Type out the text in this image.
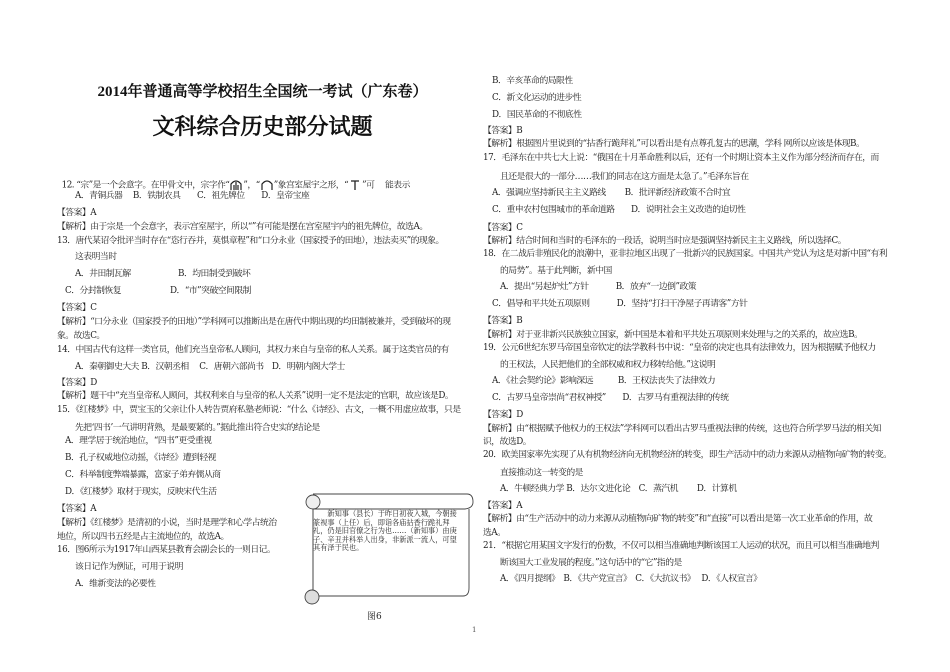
2014年普通高等学校招生全国统一考试（广东卷）
文科综合历史部分试题

12. “宗”是一个会意字。在甲骨文中，宗字作“ ”，“ ”象宫室屋宇之形，“ ”可　 能表示

A．青铜兵器　 B．铁制农具　　C．祖先牌位　　D．皇帝宝座
【答案】A
【解析】由于宗是一个会意字，表示宫室屋宇，所以“”有可能是摆在宫室屋宇内的祖先牌位，故选A。
13．唐代某诏令批评当时存在“恣行吞并，莫惧章程”和“口分永业（国家授予的田地），违法卖买”的现象。
这表明当时
A．井田制瓦解	B．均田制受到破坏
C．分封制恢复	D．“市”突破空间限制
【答案】C
【解析】“口分永业（国家授予的田地）”学科网可以推断出是在唐代中期出现的均田制被兼并，受到破坏的现
象。故选C。
14．中国古代有这样一类官员，他们充当皇帝私人顾问，其权力来自与皇帝的私人关系。属于这类官员的有
A．秦朝御史大夫 B．汉朝丞相　 C．唐朝六部尚书　D．明朝内阁大学士
【答案】D
【解析】题干中“充当皇帝私人顾问，其权利来自与皇帝的私人关系”说明一定不是法定的官职，故应该是D。
15．《红楼梦》中，贾宝玉的父亲让仆人转告贾府私塾老师说：“什么《诗经》、古文，一概不用虚应故事，只是
先把‘四书’一气讲明背熟，是最要紧的。”据此推出符合史实的结论是
A．理学居于统治地位，“四书”更受重视
B．孔子权威地位动摇，《诗经》遭到轻视
C．科举制度弊端暴露，富家子弟弃儒从商
D．《红楼梦》取材于现实，反映宋代生活
【答案】A
【解析】《红楼梦》是清初的小说，当时是理学和心学占统治
地位，所以四书五经是占主流地位的，故选A。
16．图6所示为1917年山西某县教育会副会长的一则日记。
该日记作为例证，可用于说明
A．维新变法的必要性
新知事（县长）于昨日初夜入城，今朝接篆视事（上任）后，即诣各庙拈香行跪礼拜礼，仍是旧官僚之行为也……（新知事）由庚子、辛丑并科举人出身，非新派一流人，可望其有泽于民也。
图6
B．辛亥革命的局限性
C．新文化运动的进步性
D．国民革命的不彻底性
【答案】B
【解析】根据图片里说到的“拈香行跪拜礼”可以看出是有点尊孔复古的思潮，学科 网所以应该是体现B。
17．毛泽东在中共七大上说：“俄国在十月革命胜利以后，还有一个时期让资本主义作为部分经济而存在，而
且还是很大的一部分……我们的同志在这方面是太急了。”毛泽东旨在
A．强调应坚持新民主主义路线　　 B．批评新经济政策不合时宜
C．重申农村包围城市的革命道路　　D．说明社会主义改造的迫切性
【答案】C
【解析】结合时间和当时的毛泽东的一段话，说明当时应是强调坚持新民主主义路线，所以选择C。
18．在二战后非殖民化的浪潮中，亚非拉地区出现了一批新兴的民族国家。中国共产党认为这是对新中国“有利
的局势”。基于此判断，新中国
A．提出“另起炉灶”方针　　　 B．放弃“一边倒”政策
C．倡导和平共处五项原则　　　 D．坚持“打扫干净屋子再请客”方针
【答案】B
【解析】对于亚非新兴民族独立国家，新中国是本着和平共处五项原则来处理与之的关系的，故应选B。
19．公元6世纪东罗马帝国皇帝钦定的法学教科书中说：“皇帝的决定也具有法律效力，因为根据赋予他权力
的王权法，人民把他们的全部权威和权力移转给他。”这说明
A．《社会契约论》影响深远　　　B．王权法丧失了法律效力
C．古罗马皇帝崇尚“君权神授”　　D．古罗马有重视法律的传统
【答案】D
【解析】由“根据赋予他权力的王权法”学科网可以看出古罗马重视法律的传统，这也符合所学罗马法的相关知
识，故选D。
20．欧美国家率先实现了从有机物经济向无机物经济的转变，即生产活动中的动力来源从动植物向矿物的转变。
直接推动这一转变的是
A．牛顿经典力学 B．达尔文进化论　C．蒸汽机　　 D．计算机
【答案】A
【解析】由“生产活动中的动力来源从动植物向矿物的转变”和“直接”可以看出是第一次工业革命的作用，故
选A。
21．“根据它用某国文字发行的份数，不仅可以相当准确地判断该国工人运动的状况，而且可以相当准确地判
断该国大工业发展的程度。”这句话中的“它”指的是
A．《四月提纲》　B．《共产党宣言》　C．《大抗议书》　 D．《人权宣言》
1
